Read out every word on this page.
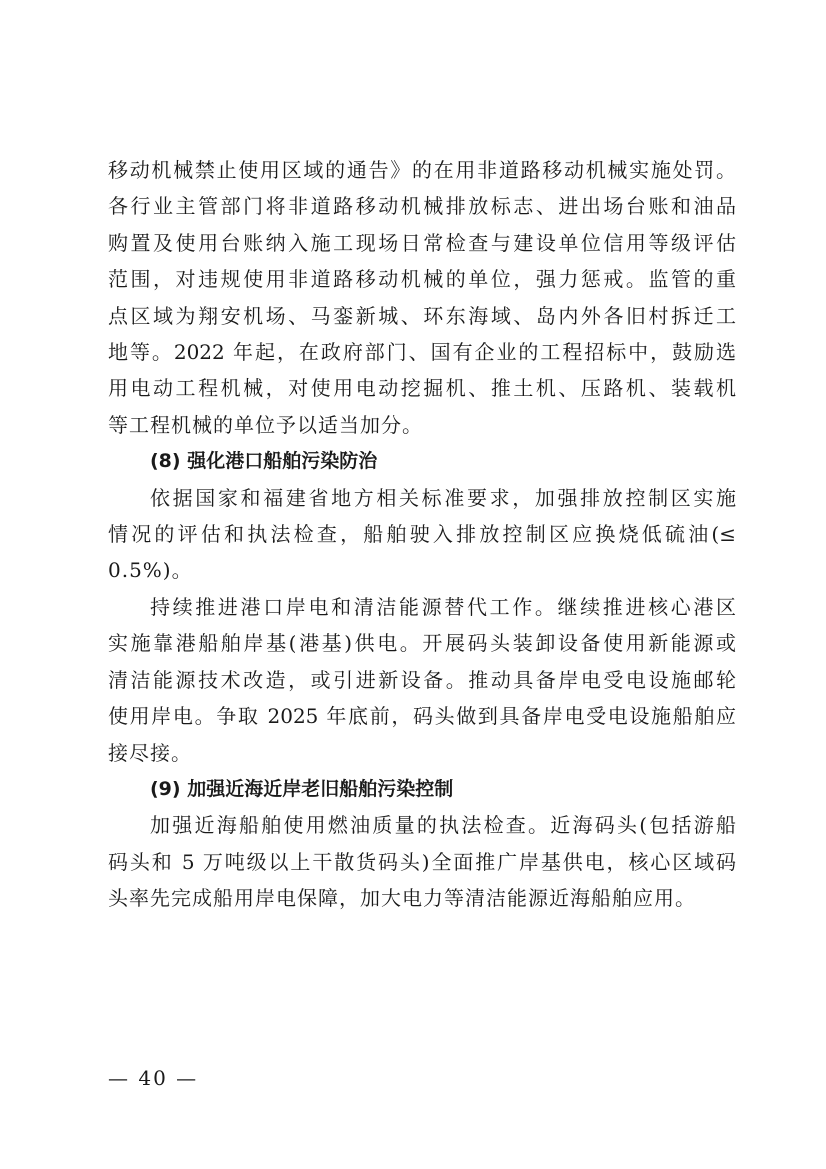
移动机械禁止使用区域的通告》的在用非道路移动机械实施处罚。
各行业主管部门将非道路移动机械排放标志、进出场台账和油品
购置及使用台账纳入施工现场日常检查与建设单位信用等级评估
范围，对违规使用非道路移动机械的单位，强力惩戒。监管的重
点区域为翔安机场、马銮新城、环东海域、岛内外各旧村拆迁工
地等。2022 年起，在政府部门、国有企业的工程招标中，鼓励选
用电动工程机械，对使用电动挖掘机、推土机、压路机、装载机
等工程机械的单位予以适当加分。
(8) 强化港口船舶污染防治
依据国家和福建省地方相关标准要求，加强排放控制区实施
情况的评估和执法检查，船舶驶入排放控制区应换烧低硫油(≤
0.5%)。
持续推进港口岸电和清洁能源替代工作。继续推进核心港区
实施靠港船舶岸基(港基)供电。开展码头装卸设备使用新能源或
清洁能源技术改造，或引进新设备。推动具备岸电受电设施邮轮
使用岸电。争取 2025 年底前，码头做到具备岸电受电设施船舶应
接尽接。
(9) 加强近海近岸老旧船舶污染控制
加强近海船舶使用燃油质量的执法检查。近海码头(包括游船
码头和 5 万吨级以上干散货码头)全面推广岸基供电，核心区域码
头率先完成船用岸电保障，加大电力等清洁能源近海船舶应用。
— 40 —
